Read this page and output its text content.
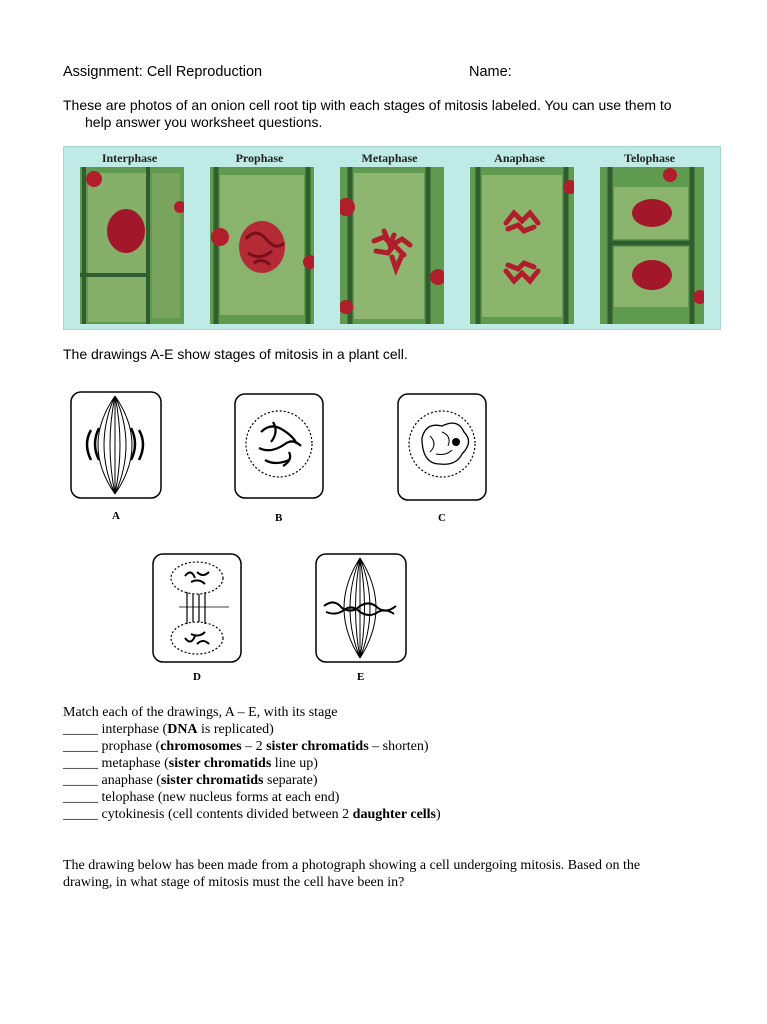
Assignment: Cell Reproduction	Name:
These are photos of an onion cell root tip with each stages of mitosis labeled. You can use them to
help answer you worksheet questions.
Interphase	Prophase	Metaphase	Anaphase	Telophase
The drawings A-E show stages of mitosis in a plant cell.
A	B	C
D	E
Match each of the drawings, A – E, with its stage
_____ interphase (DNA is replicated)
_____ prophase (chromosomes – 2 sister chromatids – shorten)
_____ metaphase (sister chromatids line up)
_____ anaphase (sister chromatids separate)
_____ telophase (new nucleus forms at each end)
_____ cytokinesis (cell contents divided between 2 daughter cells)
The drawing below has been made from a photograph showing a cell undergoing mitosis. Based on the
drawing, in what stage of mitosis must the cell have been in?
